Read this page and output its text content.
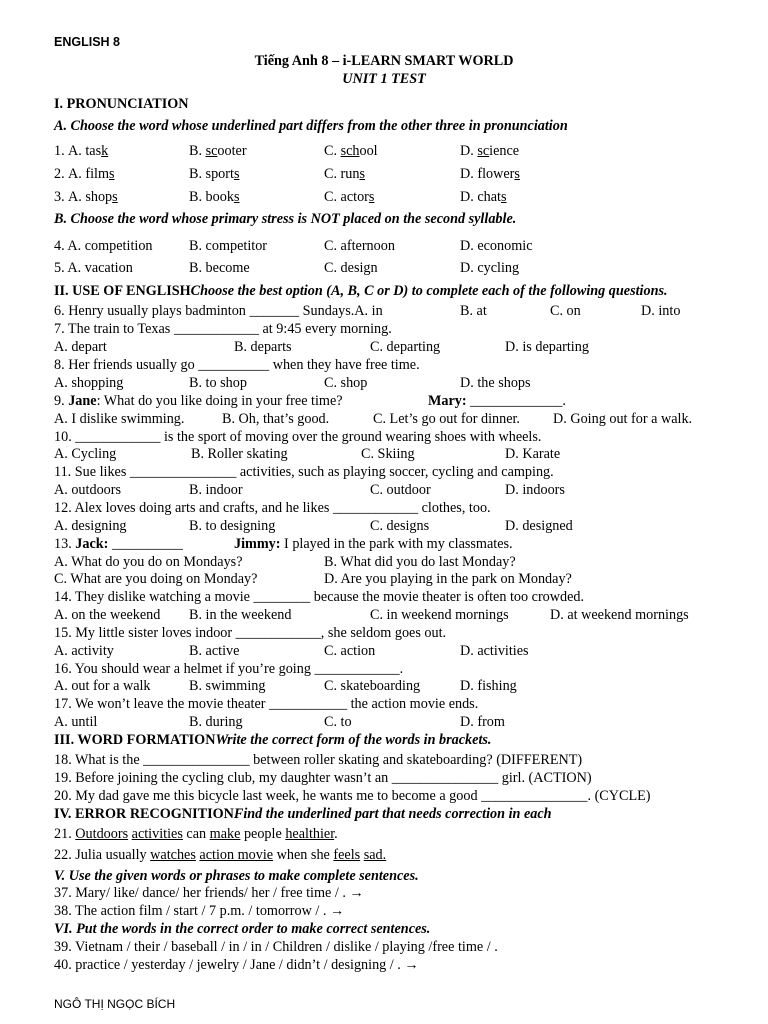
ENGLISH 8
Tiếng Anh 8 – i-LEARN SMART WORLD
UNIT 1 TEST
I. PRONUNCIATION
A. Choose the word whose underlined part differs from the other three in pronunciation
1. A. task	B. scooter	C. school	D. science
2. A. films	B. sports	C. runs	D. flowers
3. A. shops	B. books	C. actors	D. chats
B. Choose the word whose primary stress is NOT placed on the second syllable.
4. A. competition	B. competitor	C. afternoon	D. economic
5. A. vacation	B. become	C. design	D. cycling
II. USE OF ENGLISHChoose the best option (A, B, C or D) to complete each of the following questions.
6. Henry usually plays badminton _______ Sundays.A. in	B. at	C. on	D. into
7. The train to Texas ____________ at 9:45 every morning.
A. depart	B. departs	C. departing	D. is departing
8. Her friends usually go __________ when they have free time.
A. shopping	B. to shop	C. shop	D. the shops
9. Jane: What do you like doing in your free time?	Mary: _____________.
A. I dislike swimming.	B. Oh, that’s good.	C. Let’s go out for dinner. D. Going out for a walk.
10. ____________ is the sport of moving over the ground wearing shoes with wheels.
A. Cycling	B. Roller skating	C. Skiing	D. Karate
11. Sue likes _______________ activities, such as playing soccer, cycling and camping.
A. outdoors	B. indoor	C. outdoor	D. indoors
12. Alex loves doing arts and crafts, and he likes ____________ clothes, too.
A. designing	B. to designing	C. designs	D. designed
13. Jack: __________	Jimmy: I played in the park with my classmates.
A. What do you do on Mondays?	B. What did you do last Monday?
C. What are you doing on Monday?	D. Are you playing in the park on Monday?
14. They dislike watching a movie ________ because the movie theater is often too crowded.
A. on the weekend B. in the weekend	C. in weekend mornings	D. at weekend mornings
15. My little sister loves indoor ____________, she seldom goes out.
A. activity	B. active	C. action	D. activities
16. You should wear a helmet if you’re going ____________.
A. out for a walk	B. swimming	C. skateboarding	D. fishing
17. We won’t leave the movie theater ___________ the action movie ends.
A. until	B. during	C. to	D. from
III. WORD FORMATIONWrite the correct form of the words in brackets.
18. What is the _______________ between roller skating and skateboarding? (DIFFERENT)
19. Before joining the cycling club, my daughter wasn’t an _______________ girl. (ACTION)
20. My dad gave me this bicycle last week, he wants me to become a good _______________. (CYCLE)
IV. ERROR RECOGNITIONFind the underlined part that needs correction in each
21. Outdoors activities can make people healthier.
22. Julia usually watches action movie when she feels sad.
V. Use the given words or phrases to make complete sentences.
37. Mary/ like/ dance/ her friends/ her / free time / . →
38. The action film / start / 7 p.m. / tomorrow / . →
VI. Put the words in the correct order to make correct sentences.
39. Vietnam / their / baseball / in / in / Children / dislike / playing /free time / .
40. practice / yesterday / jewelry / Jane / didn’t / designing / . →
NGÔ THỊ NGỌC BÍCH
